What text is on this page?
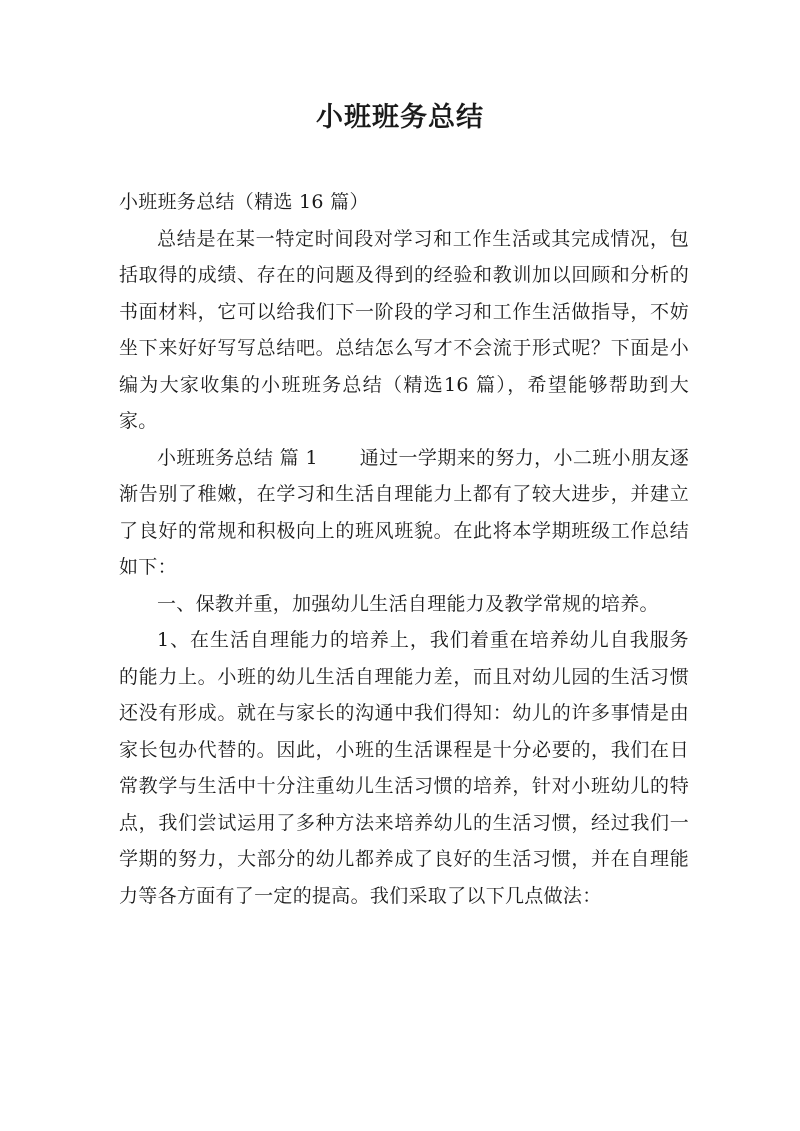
小班班务总结

小班班务总结（精选 16 篇）

总结是在某一特定时间段对学习和工作生活或其完成情况，包括取得的成绩、存在的问题及得到的经验和教训加以回顾和分析的书面材料，它可以给我们下一阶段的学习和工作生活做指导，不妨坐下来好好写写总结吧。总结怎么写才不会流于形式呢？下面是小编为大家收集的小班班务总结（精选16 篇），希望能够帮助到大家。

小班班务总结 篇 1 通过一学期来的努力，小二班小朋友逐渐告别了稚嫩，在学习和生活自理能力上都有了较大进步，并建立了良好的常规和积极向上的班风班貌。在此将本学期班级工作总结如下：

一、保教并重，加强幼儿生活自理能力及教学常规的培养。

1、在生活自理能力的培养上，我们着重在培养幼儿自我服务的能力上。小班的幼儿生活自理能力差，而且对幼儿园的生活习惯还没有形成。就在与家长的沟通中我们得知：幼儿的许多事情是由家长包办代替的。因此，小班的生活课程是十分必要的，我们在日常教学与生活中十分注重幼儿生活习惯的培养，针对小班幼儿的特点，我们尝试运用了多种方法来培养幼儿的生活习惯，经过我们一学期的努力，大部分的幼儿都养成了良好的生活习惯，并在自理能力等各方面有了一定的提高。我们采取了以下几点做法：
